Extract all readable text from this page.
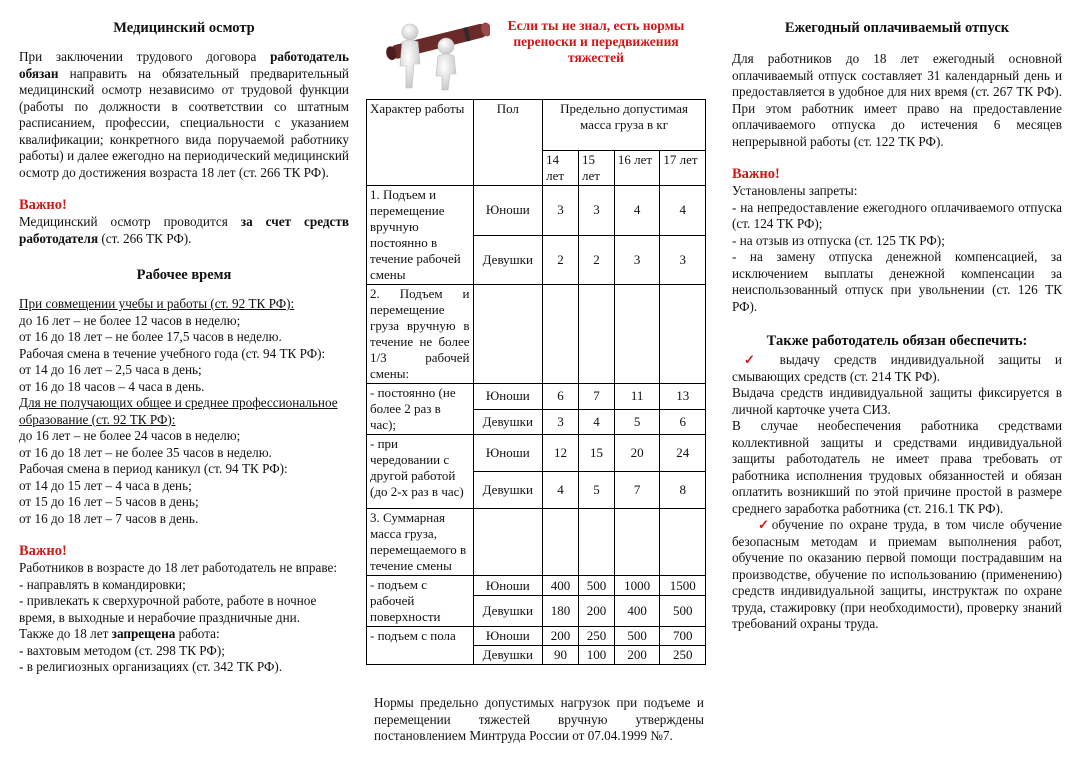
Медицинский осмотр

При заключении трудового договора работодатель обязан направить на обязательный предварительный медицинский осмотр независимо от трудовой функции (работы по должности в соответствии со штатным расписанием, профессии, специальности с указанием квалификации; конкретного вида поручаемой работнику работы) и далее ежегодно на периодический медицинский осмотр до достижения возраста 18 лет (ст. 266 ТК РФ).

Важно!

Медицинский осмотр проводится за счет средств работодателя (ст. 266 ТК РФ).

Рабочее время

При совмещении учебы и работы (ст. 92 ТК РФ):

до 16 лет – не более 12 часов в неделю;

от 16 до 18 лет – не более 17,5 часов в неделю.

Рабочая смена в течение учебного года (ст. 94 ТК РФ):

от 14 до 16 лет – 2,5 часа в день;

от 16 до 18 часов – 4 часа в день.

Для не получающих общее и среднее профессиональное образование (ст. 92 ТК РФ):

до 16 лет – не более 24 часов в неделю;

от 16 до 18 лет – не более 35 часов в неделю.

Рабочая смена в период каникул (ст. 94 ТК РФ):

от 14 до 15 лет – 4 часа в день;

от 15 до 16 лет – 5 часов в день;

от 16 до 18 лет – 7 часов в день.

Важно!

Работников в возрасте до 18 лет работодатель не вправе:

- направлять в командировки;

- привлекать к сверхурочной работе, работе в ночное время, в выходные и нерабочие праздничные дни.

Также до 18 лет запрещена работа:

- вахтовым методом (ст. 298 ТК РФ);

- в религиозных организациях (ст. 342 ТК РФ).

Если ты не знал, есть нормы переноски и передвижения тяжестей

Характер работы	Пол	Предельно допустимая масса груза в кг			
		14 лет	15 лет	16 лет	17 лет
1. Подъем и перемещение вручную постоянно в течение рабочей смены	Юноши	3	3	4	4
	Девушки	2	2	3	3
2. Подъем и перемещение груза вручную в течение не более 1/3 рабочей смены:					
- постоянно (не более 2 раз в час);	Юноши	6	7	11	13
	Девушки	3	4	5	6
- при чередовании с другой работой (до 2-х раз в час)	Юноши	12	15	20	24
	Девушки	4	5	7	8
3. Суммарная масса груза, перемещаемого в течение смены					
- подъем с рабочей поверхности	Юноши	400	500	1000	1500
	Девушки	180	200	400	500
- подъем с пола	Юноши	200	250	500	700
	Девушки	90	100	200	250

Нормы предельно допустимых нагрузок при подъеме и перемещении тяжестей вручную утверждены постановлением Минтруда России от 07.04.1999 №7.

Ежегодный оплачиваемый отпуск

Для работников до 18 лет ежегодный основной оплачиваемый отпуск составляет 31 календарный день и предоставляется в удобное для них время (ст. 267 ТК РФ). При этом работник имеет право на предоставление оплачиваемого отпуска до истечения 6 месяцев непрерывной работы (ст. 122 ТК РФ).

Важно!

Установлены запреты:

- на непредоставление ежегодного оплачиваемого отпуска (ст. 124 ТК РФ);

- на отзыв из отпуска (ст. 125 ТК РФ);

- на замену отпуска денежной компенсацией, за исключением выплаты денежной компенсации за неиспользованный отпуск при увольнении (ст. 126 ТК РФ).

Также работодатель обязан обеспечить:

✓ выдачу средств индивидуальной защиты и смывающих средств (ст. 214 ТК РФ).

Выдача средств индивидуальной защиты фиксируется в личной карточке учета СИЗ.

В случае необеспечения работника средствами коллективной защиты и средствами индивидуальной защиты работодатель не имеет права требовать от работника исполнения трудовых обязанностей и обязан оплатить возникший по этой причине простой в размере среднего заработка работника (ст. 216.1 ТК РФ).

✓обучение по охране труда, в том числе обучение безопасным методам и приемам выполнения работ, обучение по оказанию первой помощи пострадавшим на производстве, обучение по использованию (применению) средств индивидуальной защиты, инструктаж по охране труда, стажировку (при необходимости), проверку знаний требований охраны труда.
